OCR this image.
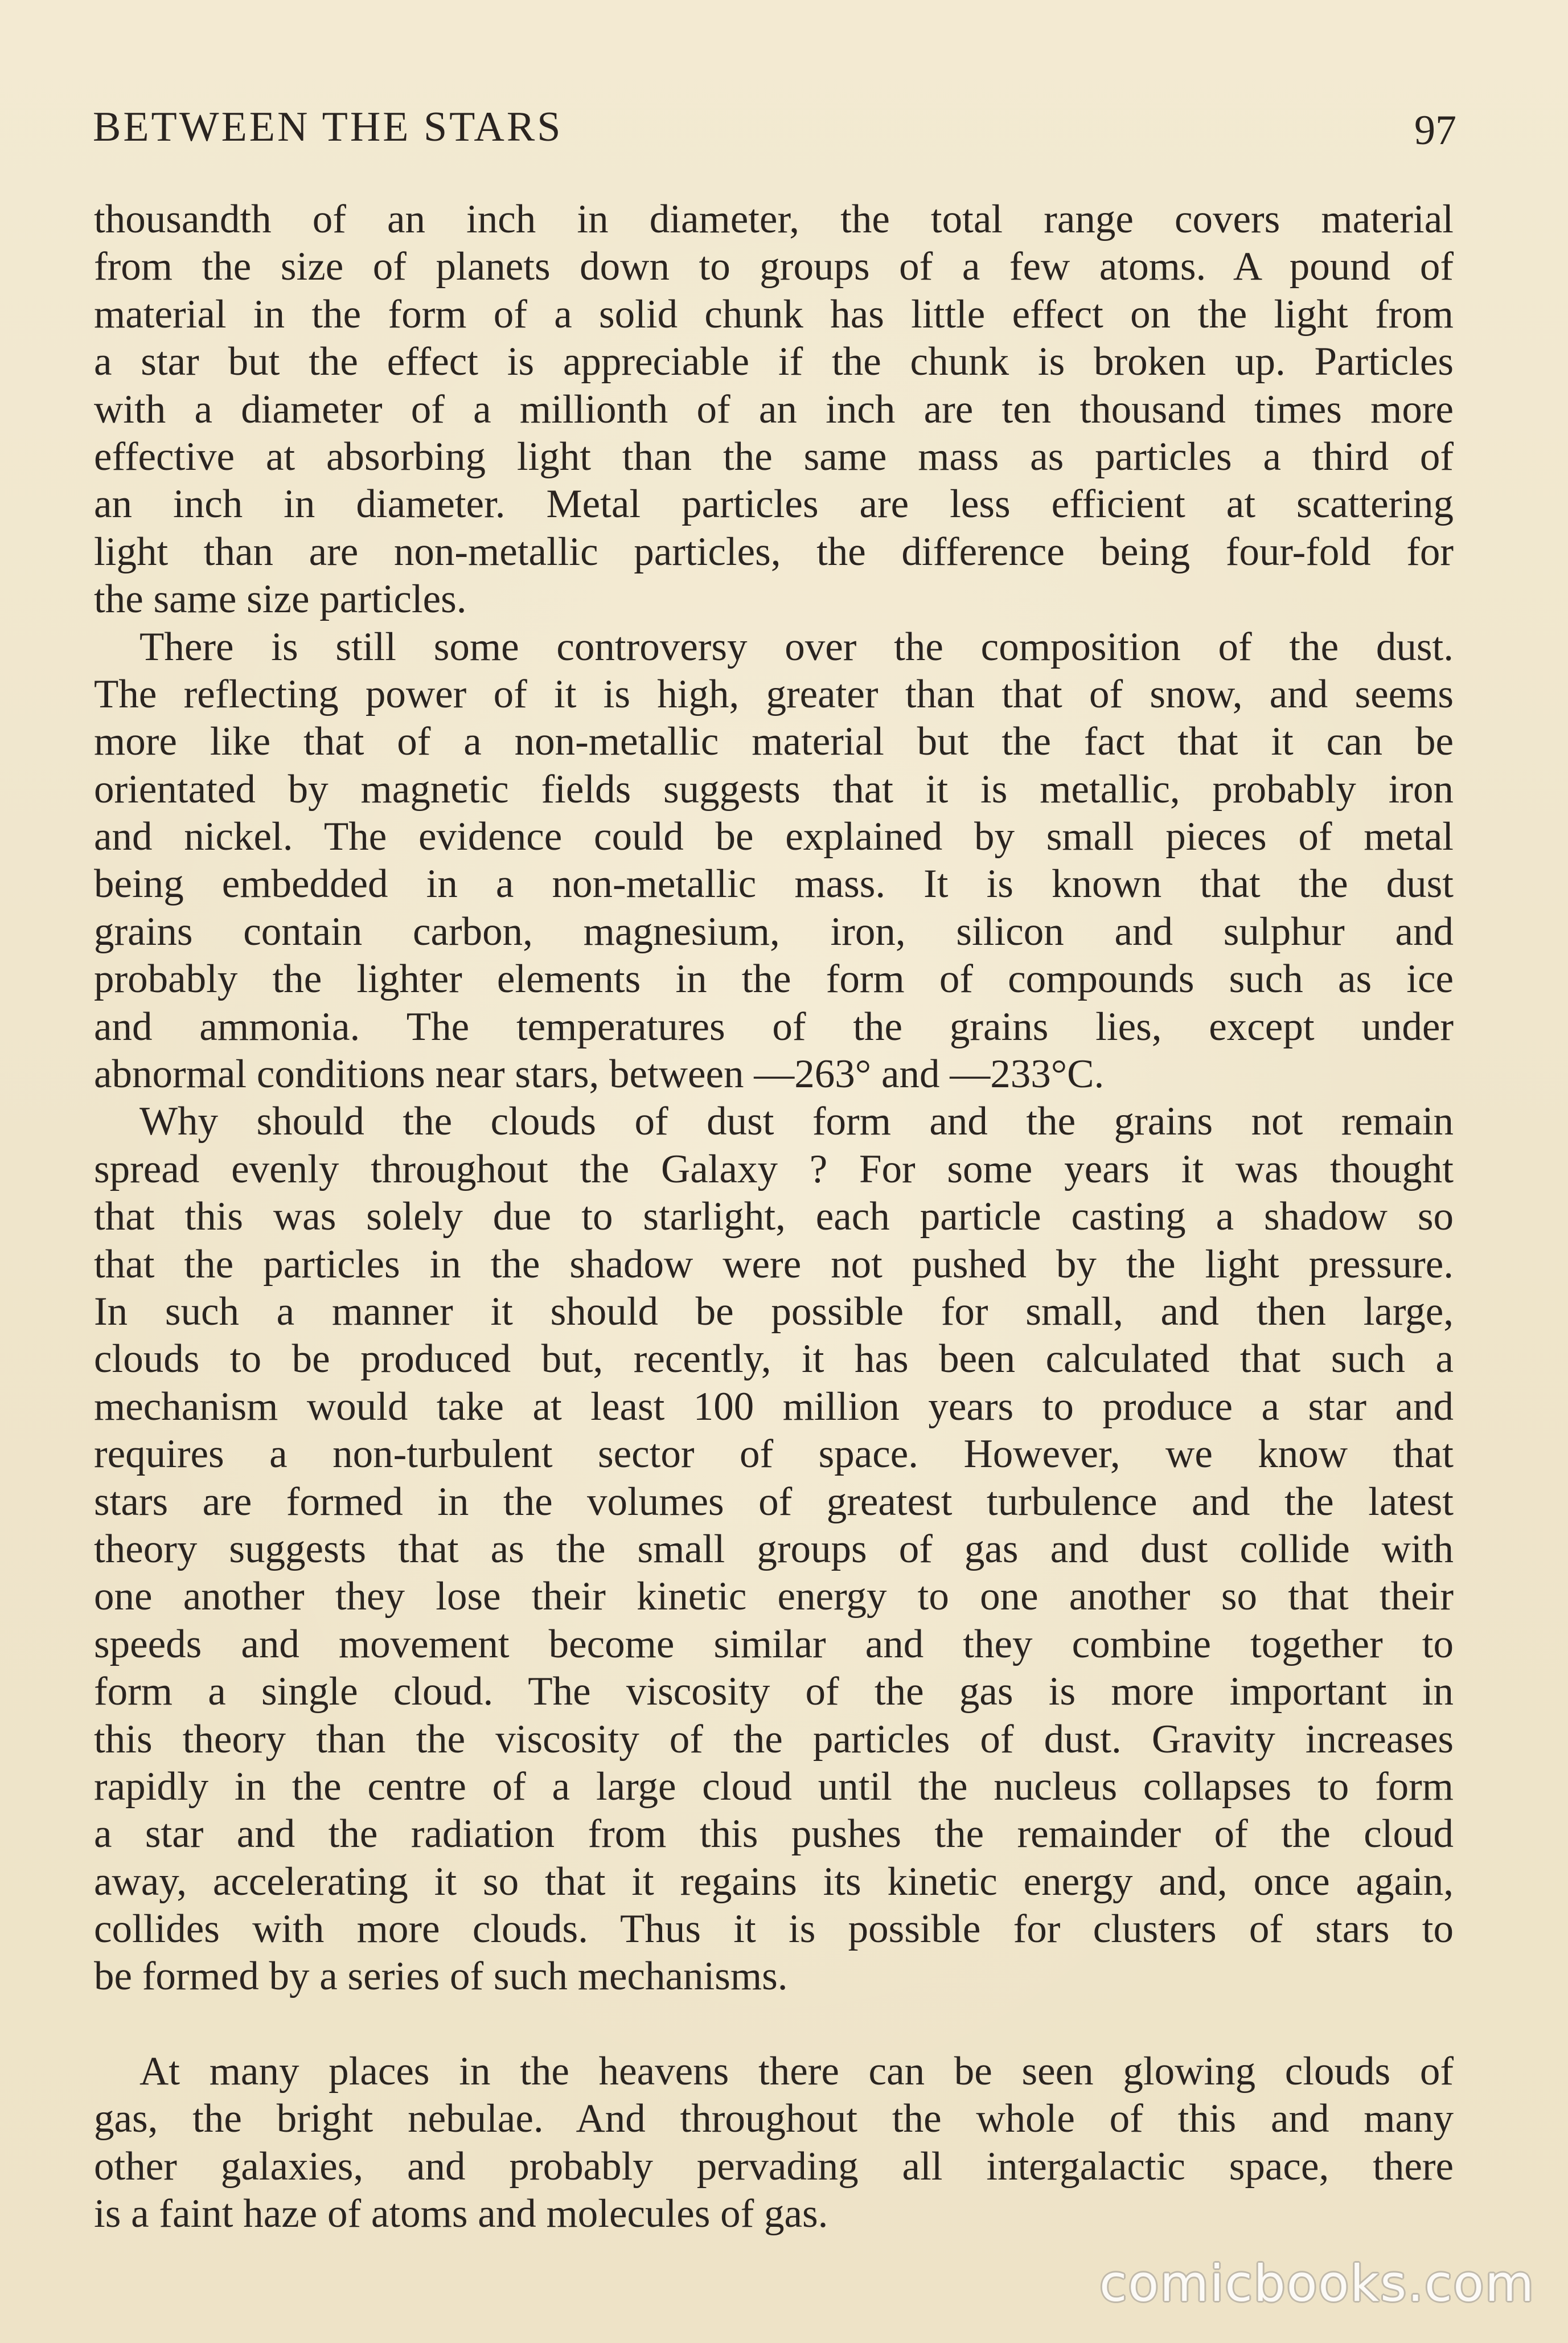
BETWEEN THE STARS	97
thousandth of an inch in diameter, the total range covers material
from the size of planets down to groups of a few atoms. A pound of
material in the form of a solid chunk has little effect on the light from
a star but the effect is appreciable if the chunk is broken up. Particles
with a diameter of a millionth of an inch are ten thousand times more
effective at absorbing light than the same mass as particles a third of
an inch in diameter. Metal particles are less efficient at scattering
light than are non-metallic particles, the difference being four-fold for
the same size particles.
There is still some controversy over the composition of the dust.
The reflecting power of it is high, greater than that of snow, and seems
more like that of a non-metallic material but the fact that it can be
orientated by magnetic fields suggests that it is metallic, probably iron
and nickel. The evidence could be explained by small pieces of metal
being embedded in a non-metallic mass. It is known that the dust
grains contain carbon, magnesium, iron, silicon and sulphur and
probably the lighter elements in the form of compounds such as ice
and ammonia. The temperatures of the grains lies, except under
abnormal conditions near stars, between —263° and —233°C.
Why should the clouds of dust form and the grains not remain
spread evenly throughout the Galaxy ? For some years it was thought
that this was solely due to starlight, each particle casting a shadow so
that the particles in the shadow were not pushed by the light pressure.
In such a manner it should be possible for small, and then large,
clouds to be produced but, recently, it has been calculated that such a
mechanism would take at least 100 million years to produce a star and
requires a non-turbulent sector of space. However, we know that
stars are formed in the volumes of greatest turbulence and the latest
theory suggests that as the small groups of gas and dust collide with
one another they lose their kinetic energy to one another so that their
speeds and movement become similar and they combine together to
form a single cloud. The viscosity of the gas is more important in
this theory than the viscosity of the particles of dust. Gravity increases
rapidly in the centre of a large cloud until the nucleus collapses to form
a star and the radiation from this pushes the remainder of the cloud
away, accelerating it so that it regains its kinetic energy and, once again,
collides with more clouds. Thus it is possible for clusters of stars to
be formed by a series of such mechanisms.
At many places in the heavens there can be seen glowing clouds of
gas, the bright nebulae. And throughout the whole of this and many
other galaxies, and probably pervading all intergalactic space, there
is a faint haze of atoms and molecules of gas.
comicbooks.com
